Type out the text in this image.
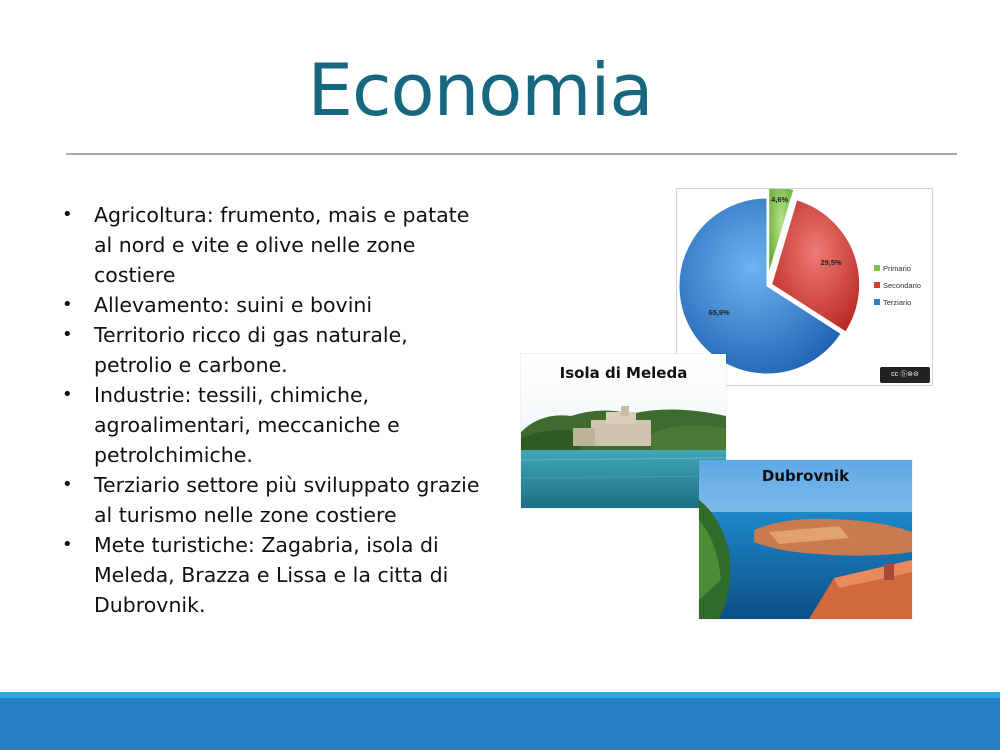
Economia
• Agricoltura: frumento, mais e patate al nord e vite e olive nelle zone costiere
• Allevamento: suini e bovini
• Territorio ricco di gas naturale, petrolio e carbone.
• Industrie: tessili, chimiche, agroalimentari, meccaniche e petrolchimiche.
• Terziario settore più sviluppato grazie al turismo nelle zone costiere
• Mete turistiche: Zagabria, isola di Meleda, Brazza e Lissa e la citta di Dubrovnik.
4,6%
29,5%
65,9%
Primario
Secondario
Terziario
cc ⓑ⊜⊝
Isola di Meleda
Dubrovnik
